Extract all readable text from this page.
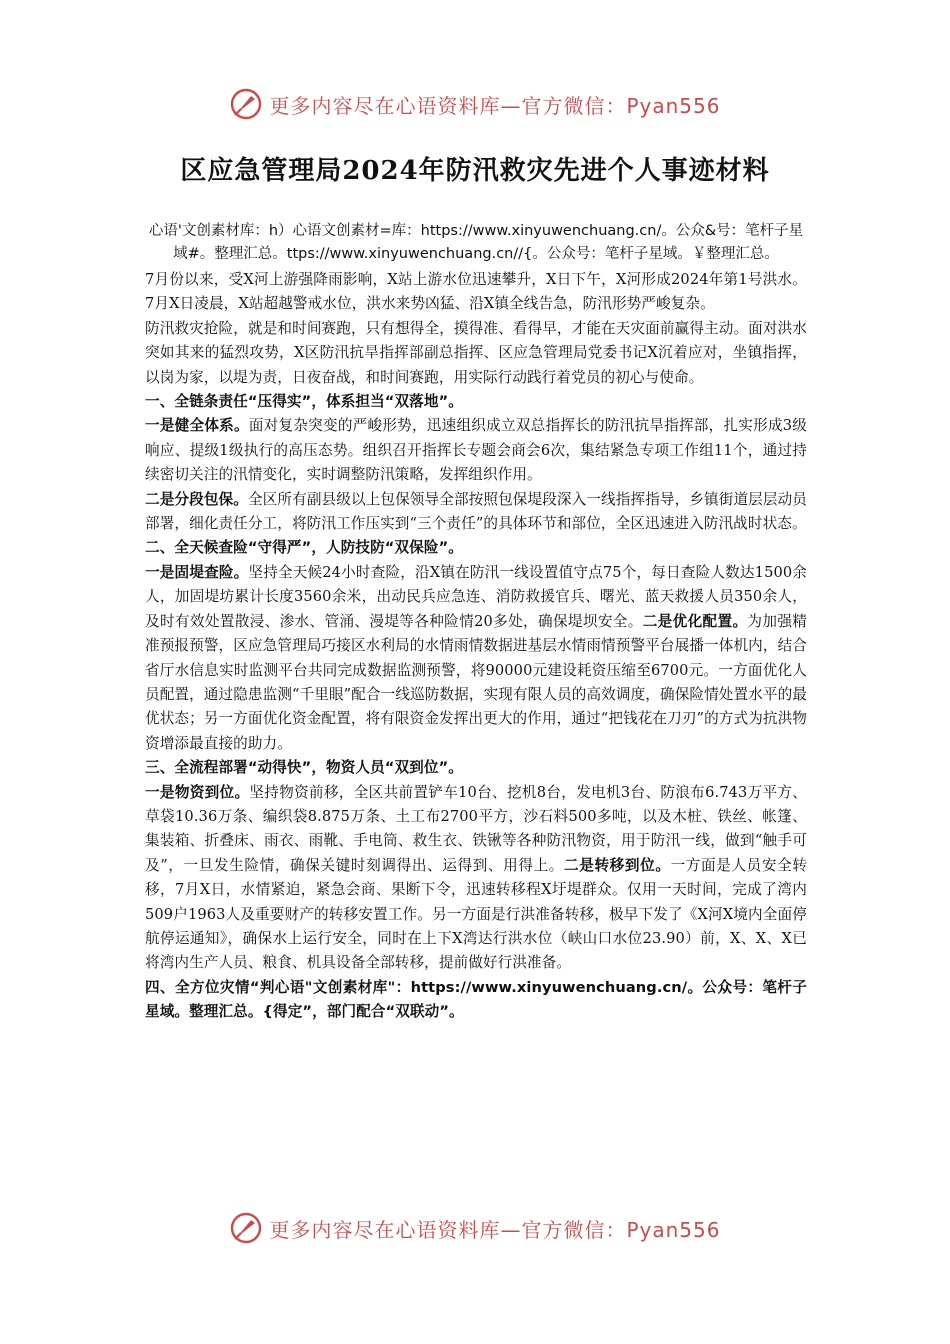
更多内容尽在心语资料库—官方微信：Pyan556
区应急管理局2024年防汛救灾先进个人事迹材料

心语'文创素材库：h）心语文创素材=库：https://www.xinyuwenchuang.cn/。公众&号：笔杆子星域#。整理汇总。ttps://www.xinyuwenchuang.cn//{。公众号：笔杆子星域。￥整理汇总。

7月份以来，受X河上游强降雨影响，X站上游水位迅速攀升，X日下午，X河形成2024年第1号洪水。7月X日凌晨，X站超越警戒水位，洪水来势凶猛、沿X镇全线告急，防汛形势严峻复杂。

防汛救灾抢险，就是和时间赛跑，只有想得全，摸得准、看得早，才能在天灾面前赢得主动。面对洪水突如其来的猛烈攻势，X区防汛抗旱指挥部副总指挥、区应急管理局党委书记X沉着应对，坐镇指挥，以岗为家，以堤为责，日夜奋战，和时间赛跑，用实际行动践行着党员的初心与使命。

一、全链条责任“压得实”，体系担当“双落地”。

一是健全体系。面对复杂突变的严峻形势，迅速组织成立双总指挥长的防汛抗旱指挥部，扎实形成3级响应、提级1级执行的高压态势。组织召开指挥长专题会商会6次，集结紧急专项工作组11个，通过持续密切关注的汛情变化，实时调整防汛策略，发挥组织作用。

二是分段包保。全区所有副县级以上包保领导全部按照包保堤段深入一线指挥指导，乡镇街道层层动员部署，细化责任分工，将防汛工作压实到“三个责任”的具体环节和部位，全区迅速进入防汛战时状态。

二、全天候查险“守得严”，人防技防“双保险”。

一是固堤查险。坚持全天候24小时查险，沿X镇在防汛一线设置值守点75个，每日查险人数达1500余人，加固堤坊累计长度3560余米，出动民兵应急连、消防救援官兵、曙光、蓝天救援人员350余人，及时有效处置散浸、渗水、管涌、漫堤等各种险情20多处，确保堤坝安全。二是优化配置。为加强精准预报预警，区应急管理局巧接区水利局的水情雨情数据进基层水情雨情预警平台展播一体机内，结合省厅水信息实时监测平台共同完成数据监测预警，将90000元建设耗资压缩至6700元。一方面优化人员配置，通过隐患监测“千里眼”配合一线巡防数据，实现有限人员的高效调度，确保险情处置水平的最优状态；另一方面优化资金配置，将有限资金发挥出更大的作用，通过“把钱花在刀刃”的方式为抗洪物资增添最直接的助力。

三、全流程部署“动得快”，物资人员“双到位”。

一是物资到位。坚持物资前移，全区共前置铲车10台、挖机8台，发电机3台、防浪布6.743万平方、草袋10.36万条、编织袋8.875万条、土工布2700平方，沙石料500多吨，以及木桩、铁丝、帐篷、集装箱、折叠床、雨衣、雨靴、手电筒、救生衣、铁锹等各种防汛物资，用于防汛一线，做到“触手可及”，一旦发生险情，确保关键时刻调得出、运得到、用得上。二是转移到位。一方面是人员安全转移，7月X日，水情紧迫，紧急会商、果断下令，迅速转移程X圩堤群众。仅用一天时间，完成了湾内509户1963人及重要财产的转移安置工作。另一方面是行洪准备转移，极早下发了《X河X境内全面停航停运通知》，确保水上运行安全，同时在上下X湾达行洪水位（峡山口水位23.90）前，X、X、X已将湾内生产人员、粮食、机具设备全部转移，提前做好行洪准备。

四、全方位灾情“判心语"文创素材库"：https://www.xinyuwenchuang.cn/。公众号：笔杆子星域。整理汇总。{得定”，部门配合“双联动”。

更多内容尽在心语资料库—官方微信：Pyan556
